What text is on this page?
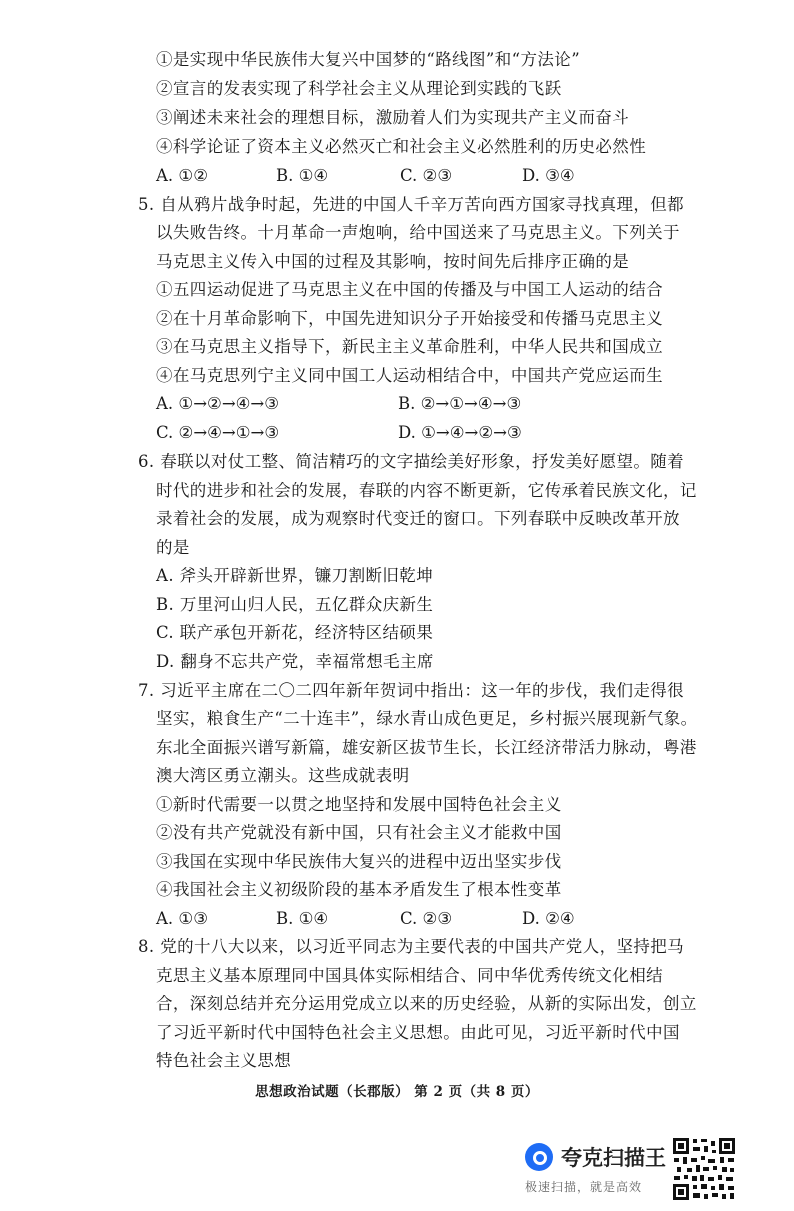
①是实现中华民族伟大复兴中国梦的“路线图”和“方法论”
②宣言的发表实现了科学社会主义从理论到实践的飞跃
③阐述未来社会的理想目标，激励着人们为实现共产主义而奋斗
④科学论证了资本主义必然灭亡和社会主义必然胜利的历史必然性
A. ①②	B. ①④	C. ②③	D. ③④
5. 自从鸦片战争时起，先进的中国人千辛万苦向西方国家寻找真理，但都
以失败告终。十月革命一声炮响，给中国送来了马克思主义。下列关于
马克思主义传入中国的过程及其影响，按时间先后排序正确的是
①五四运动促进了马克思主义在中国的传播及与中国工人运动的结合
②在十月革命影响下，中国先进知识分子开始接受和传播马克思主义
③在马克思主义指导下，新民主主义革命胜利，中华人民共和国成立
④在马克思列宁主义同中国工人运动相结合中，中国共产党应运而生
A. ①→②→④→③	B. ②→①→④→③
C. ②→④→①→③	D. ①→④→②→③
6. 春联以对仗工整、简洁精巧的文字描绘美好形象，抒发美好愿望。随着
时代的进步和社会的发展，春联的内容不断更新，它传承着民族文化，记
录着社会的发展，成为观察时代变迁的窗口。下列春联中反映改革开放
的是
A. 斧头开辟新世界，镰刀割断旧乾坤
B. 万里河山归人民，五亿群众庆新生
C. 联产承包开新花，经济特区结硕果
D. 翻身不忘共产党，幸福常想毛主席
7. 习近平主席在二〇二四年新年贺词中指出：这一年的步伐，我们走得很
坚实，粮食生产“二十连丰”，绿水青山成色更足，乡村振兴展现新气象。
东北全面振兴谱写新篇，雄安新区拔节生长，长江经济带活力脉动，粤港
澳大湾区勇立潮头。这些成就表明
①新时代需要一以贯之地坚持和发展中国特色社会主义
②没有共产党就没有新中国，只有社会主义才能救中国
③我国在实现中华民族伟大复兴的进程中迈出坚实步伐
④我国社会主义初级阶段的基本矛盾发生了根本性变革
A. ①③	B. ①④	C. ②③	D. ②④
8. 党的十八大以来，以习近平同志为主要代表的中国共产党人，坚持把马
克思主义基本原理同中国具体实际相结合、同中华优秀传统文化相结
合，深刻总结并充分运用党成立以来的历史经验，从新的实际出发，创立
了习近平新时代中国特色社会主义思想。由此可见，习近平新时代中国
特色社会主义思想
思想政治试题（长郡版） 第 2 页（共 8 页）
夸克扫描王
极速扫描，就是高效
